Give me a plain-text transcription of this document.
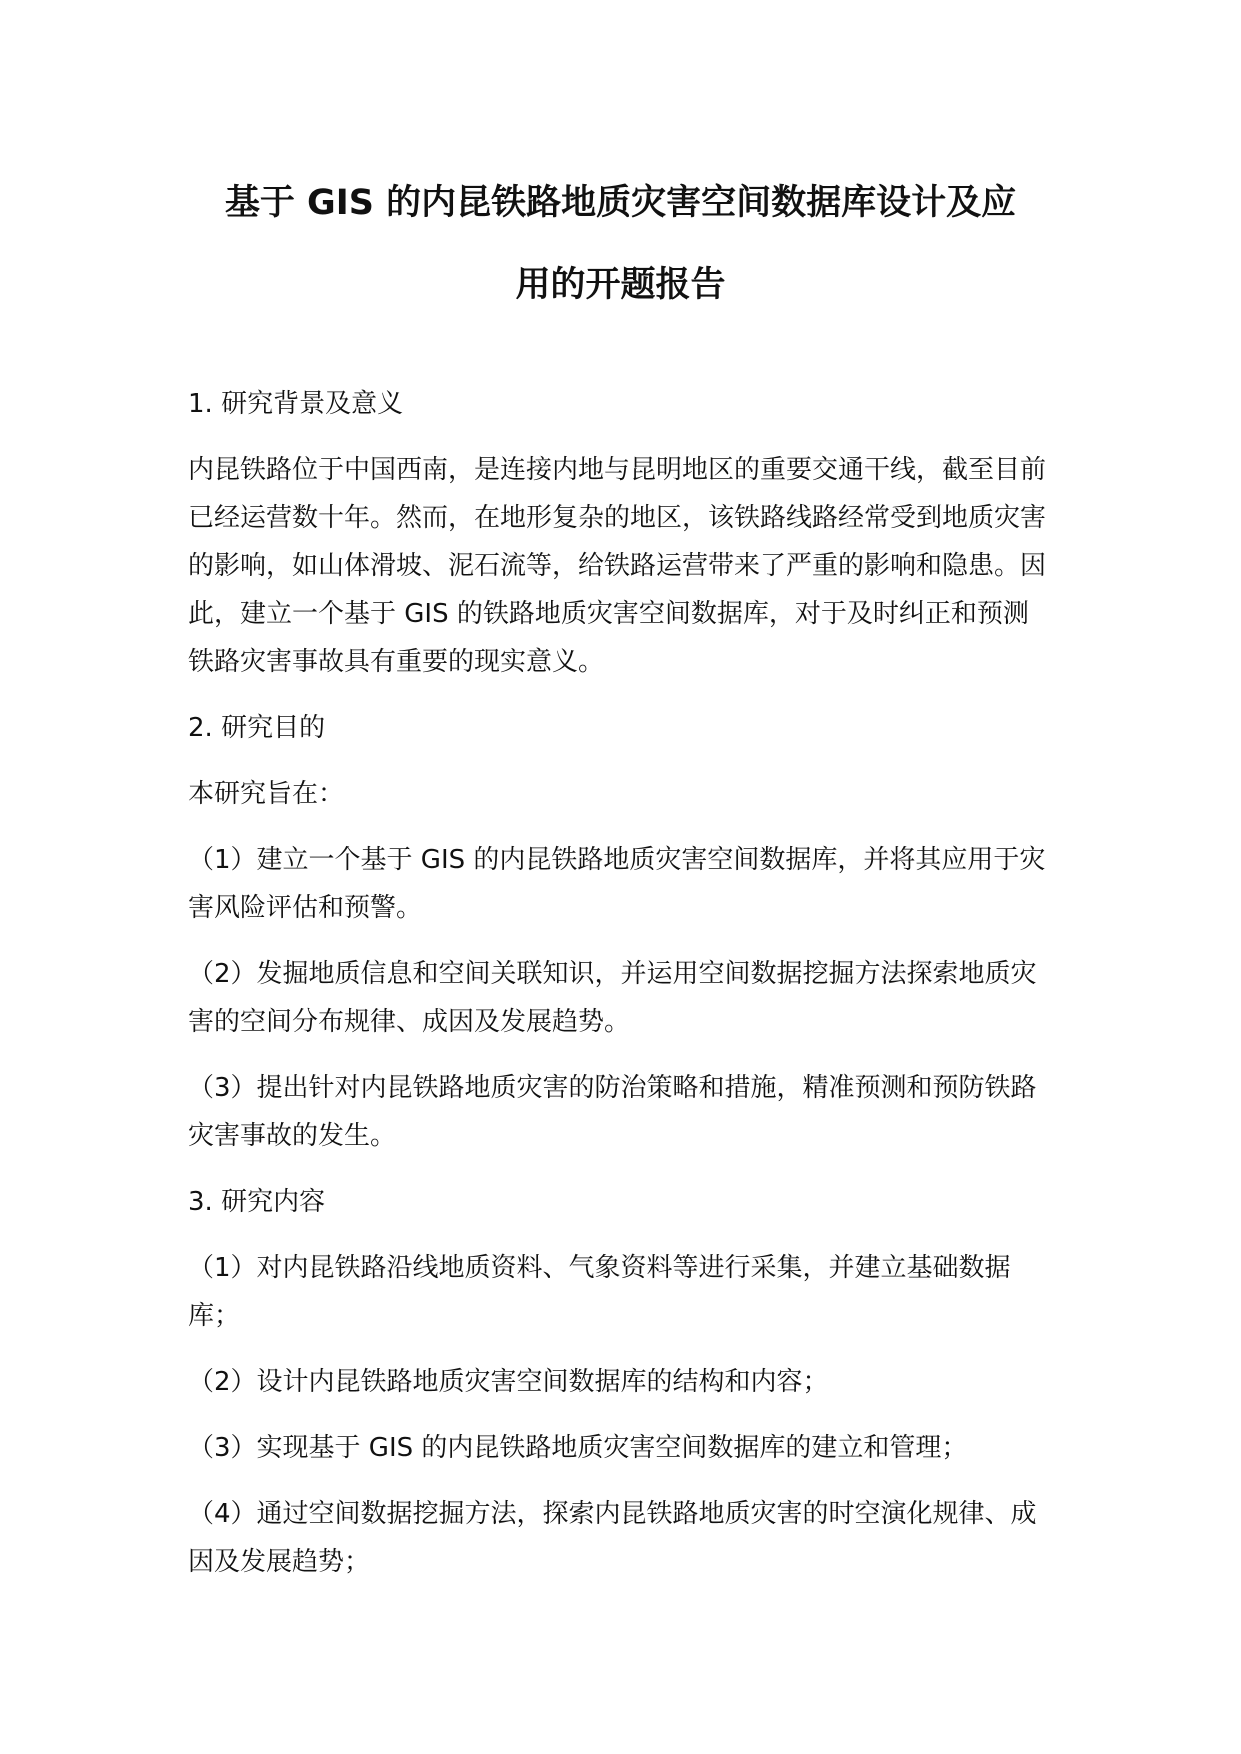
基于 GIS 的内昆铁路地质灾害空间数据库设计及应
用的开题报告
1. 研究背景及意义
内昆铁路位于中国西南，是连接内地与昆明地区的重要交通干线，截至目前已经运营数十年。然而，在地形复杂的地区，该铁路线路经常受到地质灾害的影响，如山体滑坡、泥石流等，给铁路运营带来了严重的影响和隐患。因此，建立一个基于 GIS 的铁路地质灾害空间数据库，对于及时纠正和预测铁路灾害事故具有重要的现实意义。
2. 研究目的
本研究旨在：
（1）建立一个基于 GIS 的内昆铁路地质灾害空间数据库，并将其应用于灾害风险评估和预警。
（2）发掘地质信息和空间关联知识，并运用空间数据挖掘方法探索地质灾害的空间分布规律、成因及发展趋势。
（3）提出针对内昆铁路地质灾害的防治策略和措施，精准预测和预防铁路灾害事故的发生。
3. 研究内容
（1）对内昆铁路沿线地质资料、气象资料等进行采集，并建立基础数据库；
（2）设计内昆铁路地质灾害空间数据库的结构和内容；
（3）实现基于 GIS 的内昆铁路地质灾害空间数据库的建立和管理；
（4）通过空间数据挖掘方法，探索内昆铁路地质灾害的时空演化规律、成因及发展趋势；
